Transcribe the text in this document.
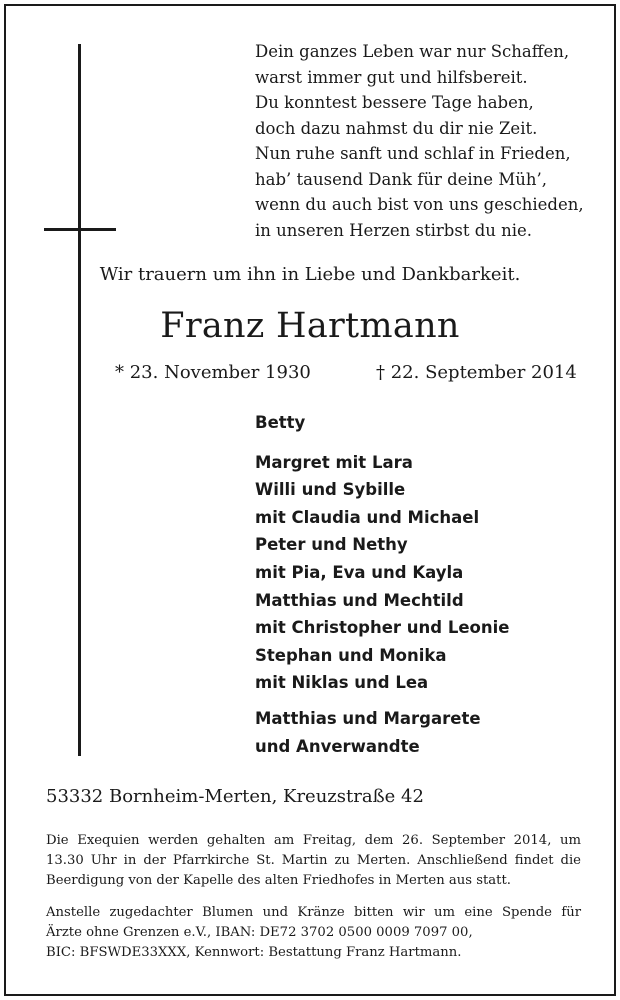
Dein ganzes Leben war nur Schaffen,
warst immer gut und hilfsbereit.
Du konntest bessere Tage haben,
doch dazu nahmst du dir nie Zeit.
Nun ruhe sanft und schlaf in Frieden,
hab’ tausend Dank für deine Müh’,
wenn du auch bist von uns geschieden,
in unseren Herzen stirbst du nie.
Wir trauern um ihn in Liebe und Dankbarkeit.
Franz Hartmann
* 23. November 1930	† 22. September 2014
Betty
Margret mit Lara
Willi und Sybille
mit Claudia und Michael
Peter und Nethy
mit Pia, Eva und Kayla
Matthias und Mechtild
mit Christopher und Leonie
Stephan und Monika
mit Niklas und Lea
Matthias und Margarete
und Anverwandte
53332 Bornheim-Merten, Kreuzstraße 42
Die Exequien werden gehalten am Freitag, dem 26. September 2014, um
13.30 Uhr in der Pfarrkirche St. Martin zu Merten. Anschließend findet die
Beerdigung von der Kapelle des alten Friedhofes in Merten aus statt.
Anstelle zugedachter Blumen und Kränze bitten wir um eine Spende für
Ärzte ohne Grenzen e.V., IBAN: DE72 3702 0500 0009 7097 00,
BIC: BFSWDE33XXX, Kennwort: Bestattung Franz Hartmann.
